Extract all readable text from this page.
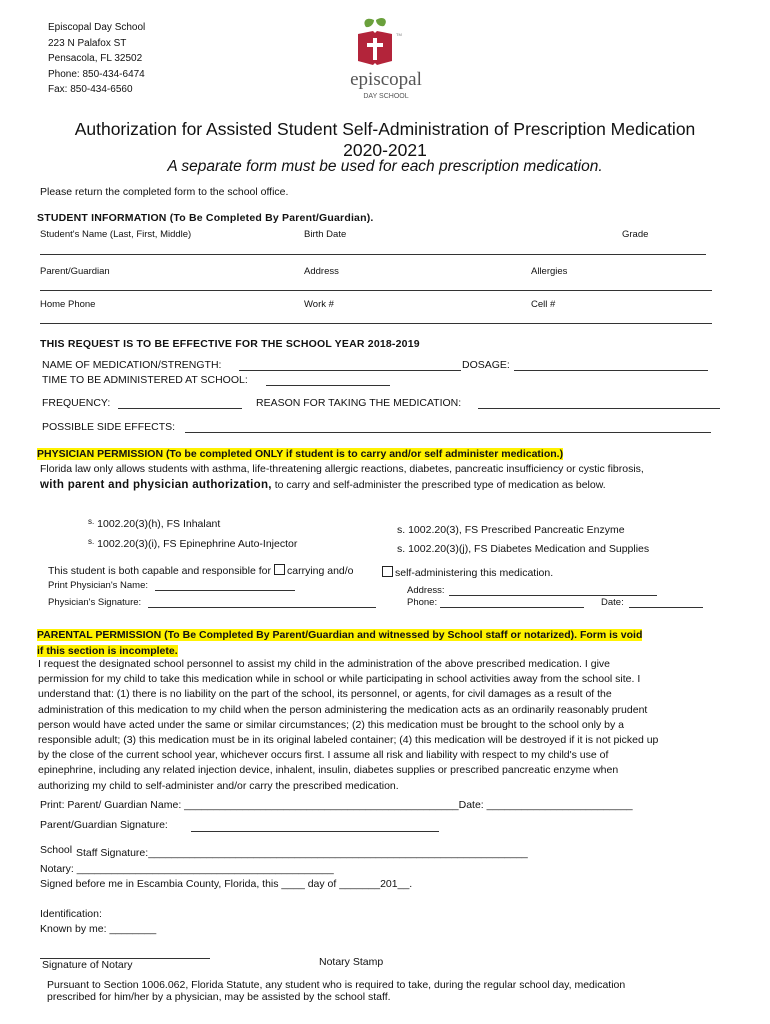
Episcopal Day School
223 N Palafox ST
Pensacola, FL 32502
Phone: 850-434-6474
Fax: 850-434-6560
TM
episcopal
DAY SCHOOL
Authorization for Assisted Student Self-Administration of Prescription Medication
2020-2021
A separate form must be used for each prescription medication.
Please return the completed form to the school office.
STUDENT INFORMATION (To Be Completed By Parent/Guardian).
Student's Name (Last, First, Middle)	Birth Date	Grade
Parent/Guardian	Address	Allergies
Home Phone	Work #	Cell #
THIS REQUEST IS TO BE EFFECTIVE FOR THE SCHOOL YEAR 2018-2019
NAME OF MEDICATION/STRENGTH:	DOSAGE:
TIME TO BE ADMINISTERED AT SCHOOL:
FREQUENCY:	REASON FOR TAKING THE MEDICATION:
POSSIBLE SIDE EFFECTS:
PHYSICIAN PERMISSION (To be completed ONLY if student is to carry and/or self administer medication.)
Florida law only allows students with asthma, life-threatening allergic reactions, diabetes, pancreatic insufficiency or cystic fibrosis,
with parent and physician authorization, to carry and self-administer the prescribed type of medication as below.
$^{s.}$ 1002.20(3)(h), FS Inhalant
$^{s.}$ 1002.20(3)(i), FS Epinephrine Auto-Injector
s. 1002.20(3), FS Prescribed Pancreatic Enzyme
s. 1002.20(3)(j), FS Diabetes Medication and Supplies
This student is both capable and responsible for carrying and/o	self-administering this medication.
Print Physician's Name:	Address:
Physician's Signature:	Phone:	Date:
PARENTAL PERMISSION (To Be Completed By Parent/Guardian and witnessed by School staff or notarized). Form is void
if this section is incomplete.
I request the designated school personnel to assist my child in the administration of the above prescribed medication. I give
permission for my child to take this medication while in school or while participating in school activities away from the school site. I
understand that: (1) there is no liability on the part of the school, its personnel, or agents, for civil damages as a result of the
administration of this medication to my child when the person administering the medication acts as an ordinarily reasonably prudent
person would have acted under the same or similar circumstances; (2) this medication must be brought to the school only by a
responsible adult; (3) this medication must be in its original labeled container; (4) this medication will be destroyed if it is not picked up
by the close of the current school year, whichever occurs first. I assume all risk and liability with respect to my child's use of
epinephrine, including any related injection device, inhalent, insulin, diabetes supplies or prescribed pancreatic enzyme when
authorizing my child to self-administer and/or carry the prescribed medication.
Print: Parent/ Guardian Name: _______________________________________________Date: _________________________
Parent/Guardian Signature:
School Staff Signature:_________________________________________________________________
Notary: ____________________________________________
Signed before me in Escambia County, Florida, this ____ day of _______201__.
Identification:
Known by me: ________
Signature of Notary	Notary Stamp
Pursuant to Section 1006.062, Florida Statute, any student who is required to take, during the regular school day, medication
prescribed for him/her by a physician, may be assisted by the school staff.
